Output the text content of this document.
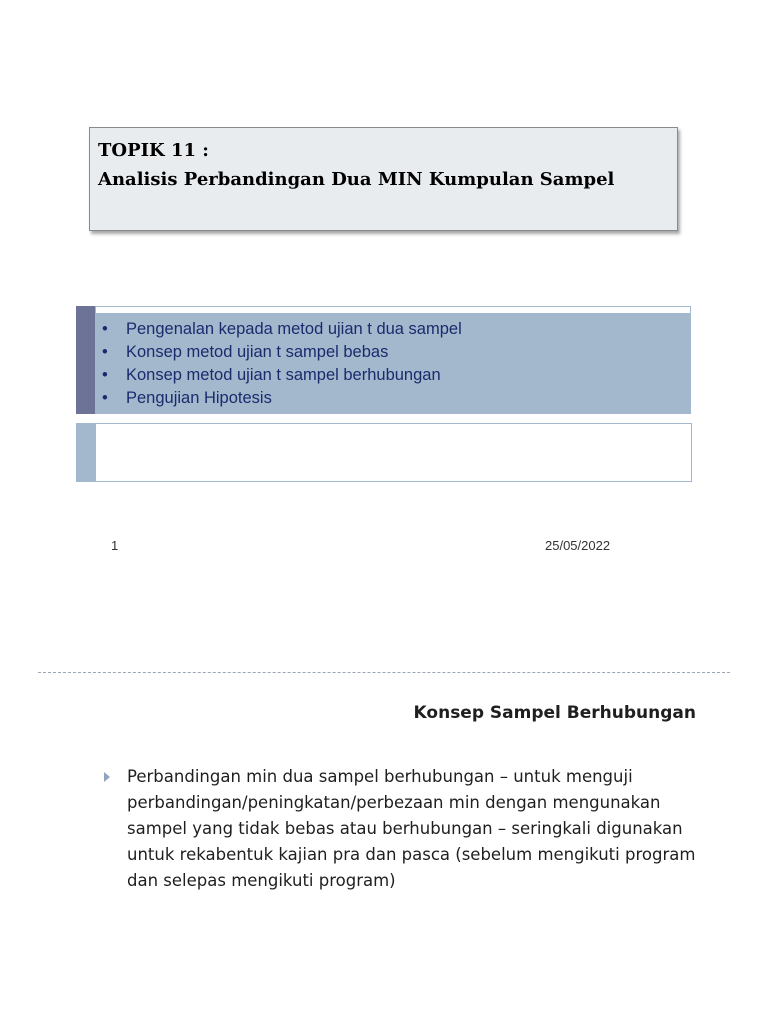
TOPIK 11 :
Analisis Perbandingan Dua MIN Kumpulan Sampel
• Pengenalan kepada metod ujian t dua sampel
• Konsep metod ujian t sampel bebas
• Konsep metod ujian t sampel berhubungan
• Pengujian Hipotesis
1	25/05/2022
Konsep Sampel Berhubungan

Perbandingan min dua sampel berhubungan – untuk menguji perbandingan/peningkatan/perbezaan min dengan mengunakan sampel yang tidak bebas atau berhubungan – seringkali digunakan untuk rekabentuk kajian pra dan pasca (sebelum mengikuti program dan selepas mengikuti program)
